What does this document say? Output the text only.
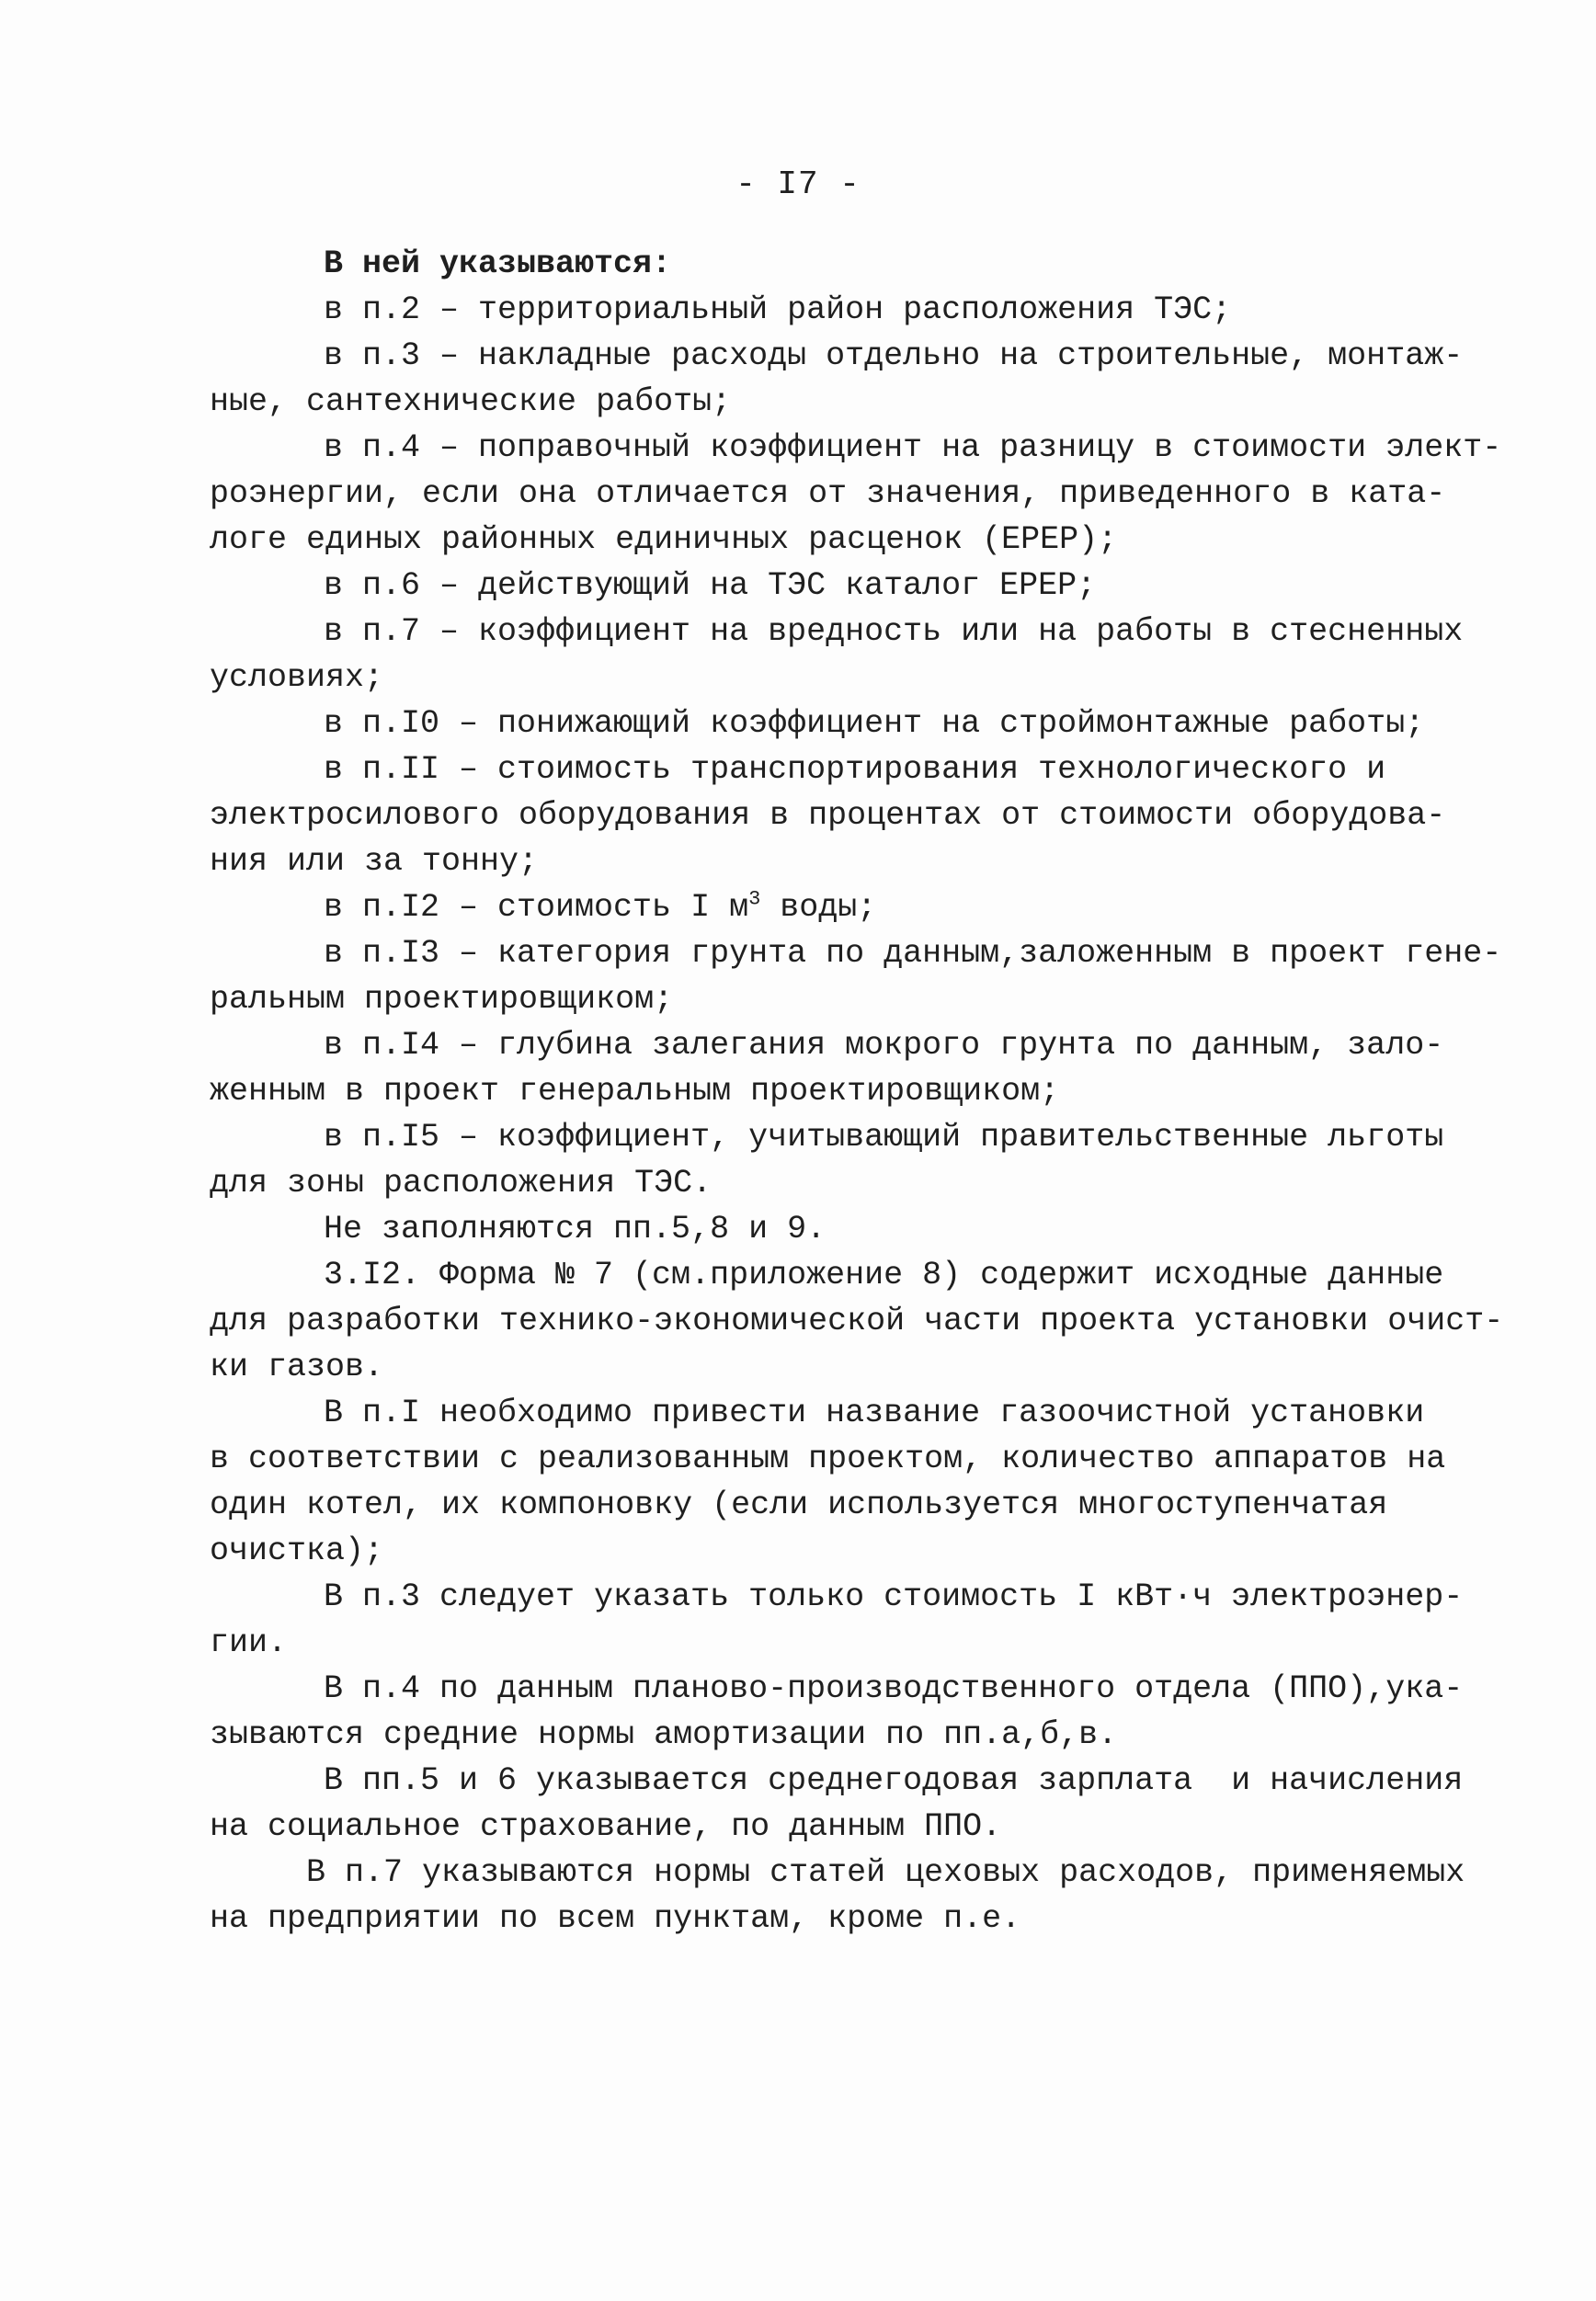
- I7 -
В ней указываются:
в п.2 – территориальный район расположения ТЭС;
в п.3 – накладные расходы отдельно на строительные, монтаж-
ные, сантехнические работы;
в п.4 – поправочный коэффициент на разницу в стоимости элект-
роэнергии, если она отличается от значения, приведенного в ката-
логе единых районных единичных расценок (ЕРЕР);
в п.6 – действующий на ТЭС каталог ЕРЕР;
в п.7 – коэффициент на вредность или на работы в стесненных
условиях;
в п.I0 – понижающий коэффициент на строймонтажные работы;
в п.II – стоимость транспортирования технологического и
электросилового оборудования в процентах от стоимости оборудова-
ния или за тонну;
в п.I2 – стоимость I $м^3$ воды;
в п.I3 – категория грунта по данным,заложенным в проект гене-
ральным проектировщиком;
в п.I4 – глубина залегания мокрого грунта по данным, зало-
женным в проект генеральным проектировщиком;
в п.I5 – коэффициент, учитывающий правительственные льготы
для зоны расположения ТЭС.
Не заполняются пп.5,8 и 9.
3.I2. Форма № 7 (см.приложение 8) содержит исходные данные
для разработки технико-экономической части проекта установки очист-
ки газов.
В п.I необходимо привести название газоочистной установки
в соответствии с реализованным проектом, количество аппаратов на
один котел, их компоновку (если используется многоступенчатая
очистка);
В п.3 следует указать только стоимость I кВт·ч электроэнер-
гии.
В п.4 по данным планово-производственного отдела (ППО),ука-
зываются средние нормы амортизации по пп.а,б,в.
В пп.5 и 6 указывается среднегодовая зарплата  и начисления
на социальное страхование, по данным ППО.
В п.7 указываются нормы статей цеховых расходов, применяемых
на предприятии по всем пунктам, кроме п.е.
